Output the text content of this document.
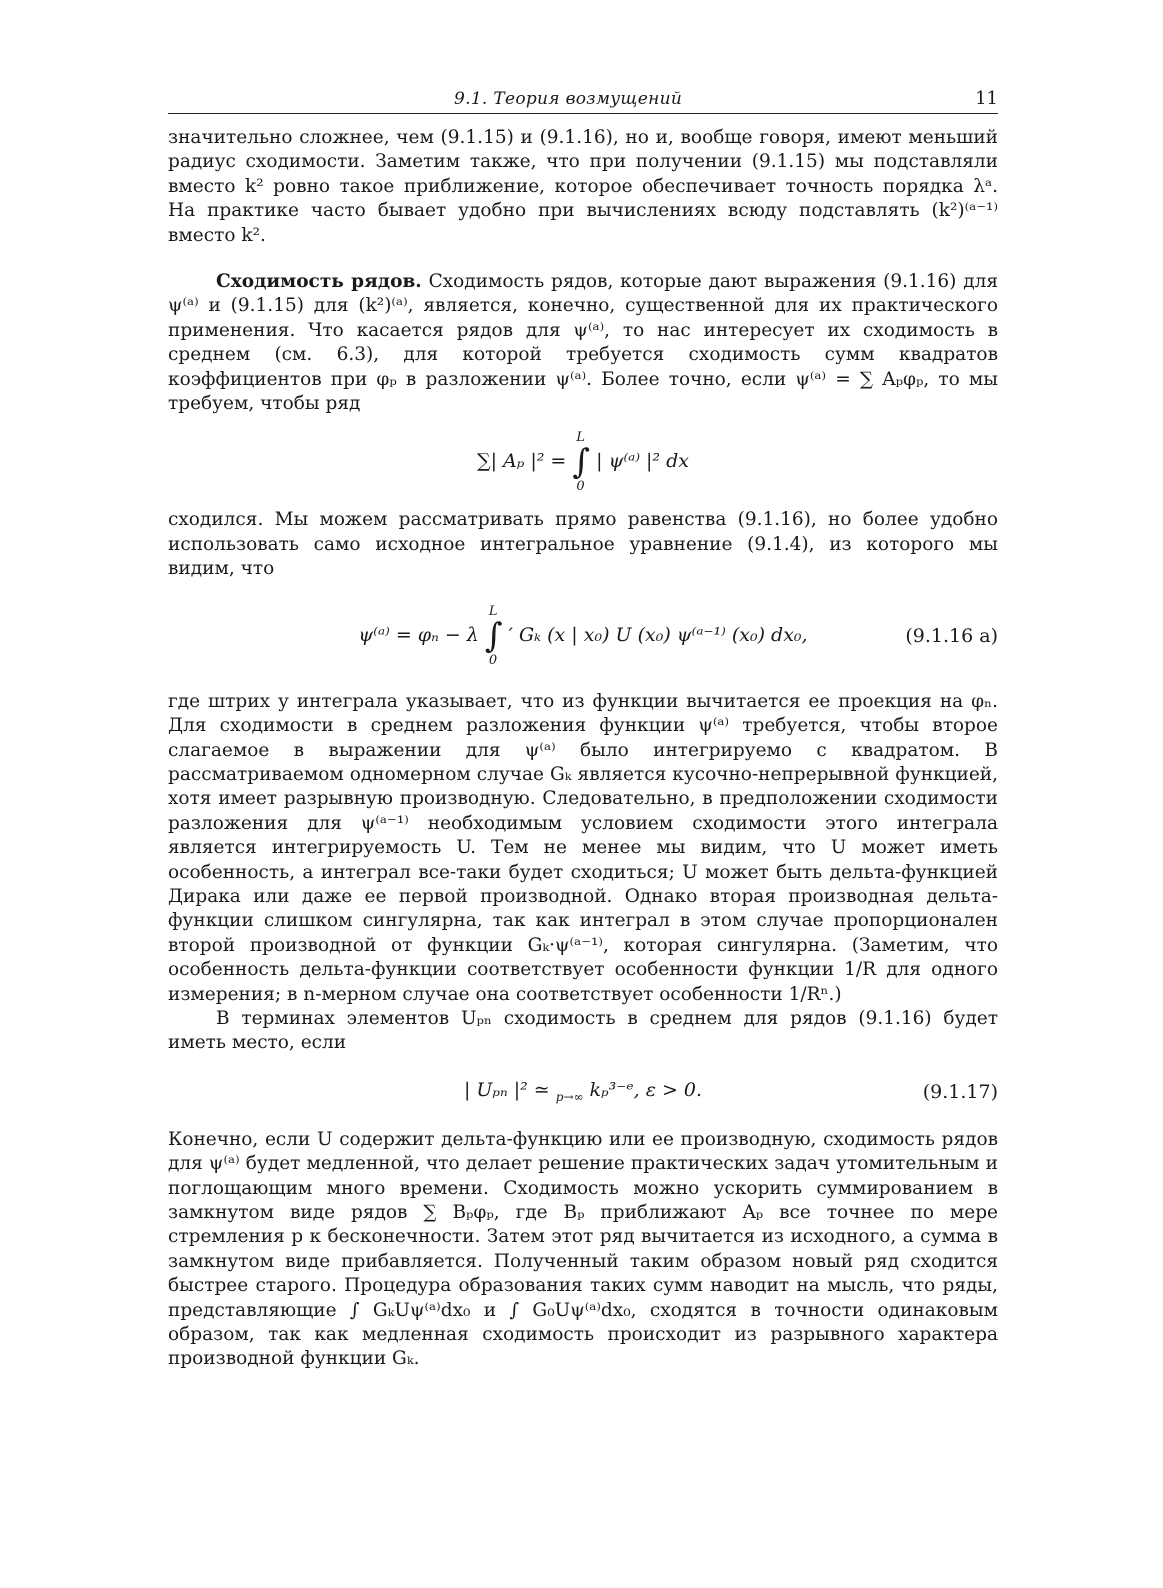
9.1. Теория возмущений	11

значительно сложнее, чем (9.1.15) и (9.1.16), но и, вообще говоря, имеют меньший радиус сходимости. Заметим также, что при получении (9.1.15) мы подставляли вместо k² ровно такое приближение, которое обеспечивает точность порядка λᵃ. На практике часто бывает удобно при вычислениях всюду подставлять (k²)⁽ᵃ⁻¹⁾ вместо k².

Сходимость рядов. Сходимость рядов, которые дают выражения (9.1.16) для ψ⁽ᵃ⁾ и (9.1.15) для (k²)⁽ᵃ⁾, является, конечно, существенной для их практического применения. Что касается рядов для ψ⁽ᵃ⁾, то нас интересует их сходимость в среднем (см. 6.3), для которой требуется сходимость сумм квадратов коэффициентов при φₚ в разложении ψ⁽ᵃ⁾. Более точно, если ψ⁽ᵃ⁾ = ∑ Aₚφₚ, то мы требуем, чтобы ряд

∑| Aₚ |² = ∫
L
0
| ψ⁽ᵃ⁾ |² dx

сходился. Мы можем рассматривать прямо равенства (9.1.16), но более удобно использовать само исходное интегральное уравнение (9.1.4), из которого мы видим, что

ψ⁽ᵃ⁾ = φₙ − λ ∫
L
0
′ Gₖ (x | x₀) U (x₀) ψ⁽ᵃ⁻¹⁾ (x₀) dx₀,	(9.1.16 a)

где штрих у интеграла указывает, что из функции вычитается ее проекция на φₙ. Для сходимости в среднем разложения функции ψ⁽ᵃ⁾ требуется, чтобы второе слагаемое в выражении для ψ⁽ᵃ⁾ было интегрируемо с квадратом. В рассматриваемом одномерном случае Gₖ является кусочно-непрерывной функцией, хотя имеет разрывную производную. Следовательно, в предположении сходимости разложения для ψ⁽ᵃ⁻¹⁾ необходимым условием сходимости этого интеграла является интегрируемость U. Тем не менее мы видим, что U может иметь особенность, а интеграл все-таки будет сходиться; U может быть дельта-функцией Дирака или даже ее первой производной. Однако вторая производная дельта-функции слишком сингулярна, так как интеграл в этом случае пропорционален второй производной от функции Gₖ·ψ⁽ᵃ⁻¹⁾, которая сингулярна. (Заметим, что особенность дельта-функции соответствует особенности функции 1/R для одного измерения; в n-мерном случае она соответствует особенности 1/Rⁿ.)

В терминах элементов Uₚₙ сходимость в среднем для рядов (9.1.16) будет иметь место, если

| Uₚₙ |² ≃ $_{p\to\infty}$ kₚ³⁻ᵉ, ε > 0.	(9.1.17)

Конечно, если U содержит дельта-функцию или ее производную, сходимость рядов для ψ⁽ᵃ⁾ будет медленной, что делает решение практических задач утомительным и поглощающим много времени. Сходимость можно ускорить суммированием в замкнутом виде рядов ∑ Bₚφₚ, где Bₚ приближают Aₚ все точнее по мере стремления p к бесконечности. Затем этот ряд вычитается из исходного, а сумма в замкнутом виде прибавляется. Полученный таким образом новый ряд сходится быстрее старого. Процедура образования таких сумм наводит на мысль, что ряды, представляющие ∫ GₖUψ⁽ᵃ⁾dx₀ и ∫ G₀Uψ⁽ᵃ⁾dx₀, сходятся в точности одинаковым образом, так как медленная сходимость происходит из разрывного характера производной функции Gₖ.
